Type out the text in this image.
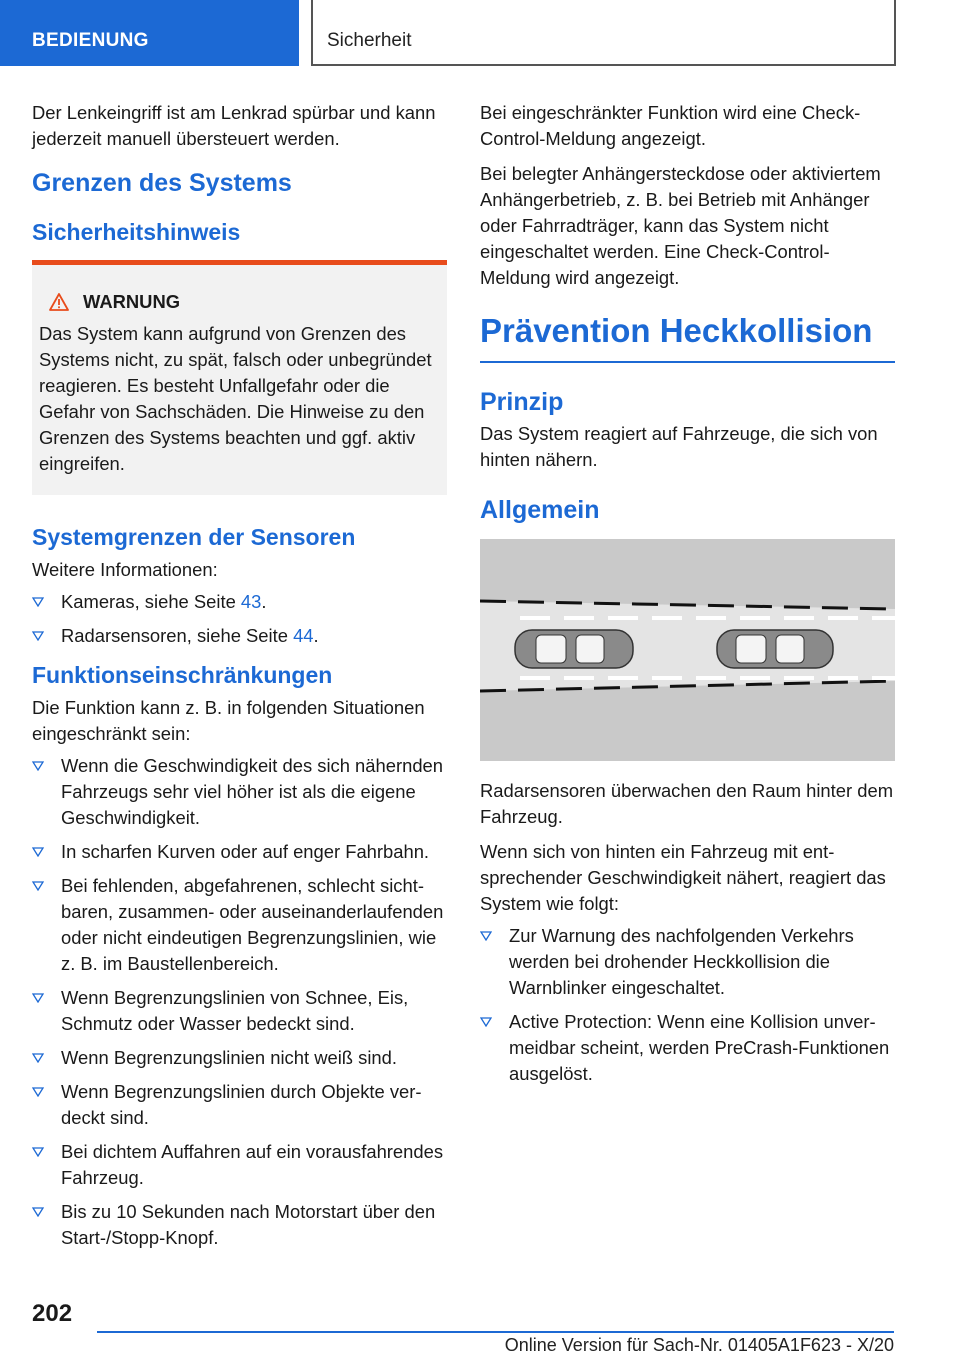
BEDIENUNG	Sicherheit

Der Lenkeingriff ist am Lenkrad spürbar und kann jederzeit manuell übersteuert werden.

Grenzen des Systems
Sicherheitshinweis
WARNUNG

Das System kann aufgrund von Grenzen des Systems nicht, zu spät, falsch oder unbegründet reagieren. Es besteht Unfallgefahr oder die Gefahr von Sachschäden. Die Hinweise zu den Grenzen des Systems beachten und ggf. aktiv eingreifen.

Systemgrenzen der Sensoren

Weitere Informationen:

Kameras, siehe Seite 43.
Radarsensoren, siehe Seite 44.
Funktionseinschränkungen

Die Funktion kann z. B. in folgenden Situationen eingeschränkt sein:

Wenn die Geschwindigkeit des sich nähernden Fahrzeugs sehr viel höher ist als die eigene Geschwindigkeit.
In scharfen Kurven oder auf enger Fahrbahn.
Bei fehlenden, abgefahrenen, schlecht sichtbaren, zusammen- oder auseinanderlaufenden oder nicht eindeutigen Begrenzungslinien, wie z. B. im Baustellenbereich.
Wenn Begrenzungslinien von Schnee, Eis, Schmutz oder Wasser bedeckt sind.
Wenn Begrenzungslinien nicht weiß sind.
Wenn Begrenzungslinien durch Objekte verdeckt sind.
Bei dichtem Auffahren auf ein vorausfahrendes Fahrzeug.
Bis zu 10 Sekunden nach Motorstart über den Start-/Stopp-Knopf.

Bei eingeschränkter Funktion wird eine Check-Control-Meldung angezeigt.

Bei belegter Anhängersteckdose oder aktiviertem Anhängerbetrieb, z. B. bei Betrieb mit Anhänger oder Fahrradträger, kann das System nicht eingeschaltet werden. Eine Check-Control-Meldung wird angezeigt.

Prävention Heckkollision
Prinzip

Das System reagiert auf Fahrzeuge, die sich von hinten nähern.

Allgemein

Radarsensoren überwachen den Raum hinter dem Fahrzeug.

Wenn sich von hinten ein Fahrzeug mit entsprechender Geschwindigkeit nähert, reagiert das System wie folgt:

Zur Warnung des nachfolgenden Verkehrs werden bei drohender Heckkollision die Warnblinker eingeschaltet.
Active Protection: Wenn eine Kollision unvermeidbar scheint, werden PreCrash-Funktionen ausgelöst.
202
Online Version für Sach-Nr. 01405A1F623 - X/20
